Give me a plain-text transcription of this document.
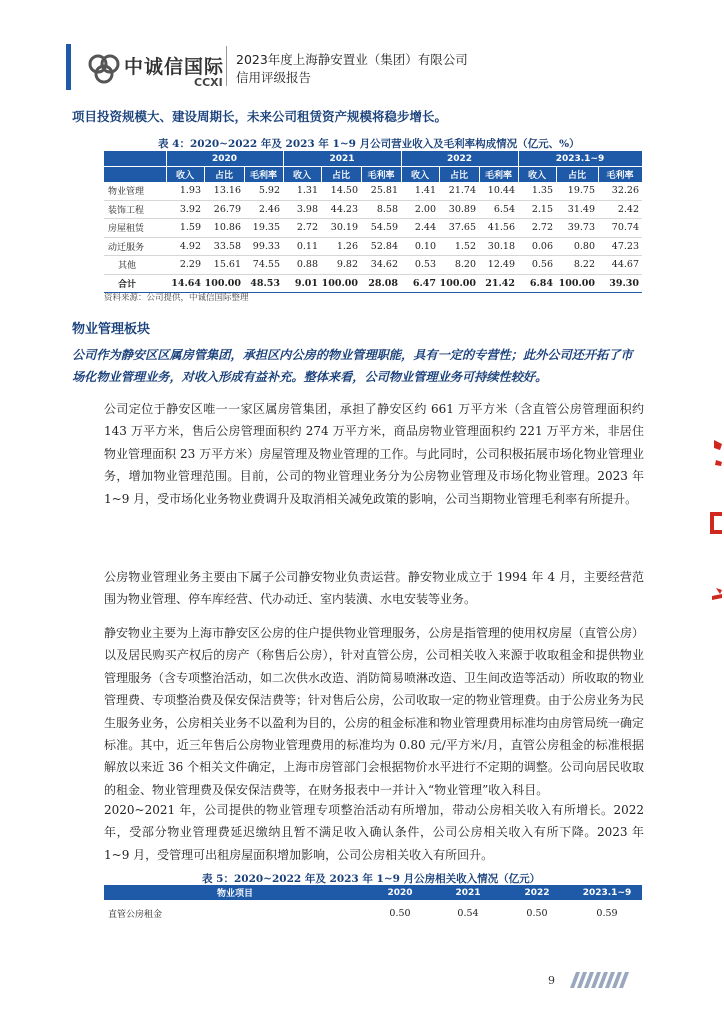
中诚信国际
CCXI
2023年度上海静安置业（集团）有限公司
信用评级报告
项目投资规模大、建设周期长，未来公司租赁资产规模将稳步增长。
表 4：2020~2022 年及 2023 年 1~9 月公司营业收入及毛利率构成情况（亿元、%）
	2020			2021			2022			2023.1~9		
	收入	占比	毛利率	收入	占比	毛利率	收入	占比	毛利率	收入	占比	毛利率
物业管理	1.93	13.16	5.92	1.31	14.50	25.81	1.41	21.74	10.44	1.35	19.75	32.26
装饰工程	3.92	26.79	2.46	3.98	44.23	8.58	2.00	30.89	6.54	2.15	31.49	2.42
房屋租赁	1.59	10.86	19.35	2.72	30.19	54.59	2.44	37.65	41.56	2.72	39.73	70.74
动迁服务	4.92	33.58	99.33	0.11	1.26	52.84	0.10	1.52	30.18	0.06	0.80	47.23
其他	2.29	15.61	74.55	0.88	9.82	34.62	0.53	8.20	12.49	0.56	8.22	44.67
合计	14.64	100.00	48.53	9.01	100.00	28.08	6.47	100.00	21.42	6.84	100.00	39.30
资料来源：公司提供，中诚信国际整理
物业管理板块
公司作为静安区区属房管集团，承担区内公房的物业管理职能，具有一定的专营性；此外公司还开拓了市场化物业管理业务，对收入形成有益补充。整体来看，公司物业管理业务可持续性较好。

公司定位于静安区唯一一家区属房管集团，承担了静安区约 661 万平方米（含直管公房管理面积约 143 万平方米，售后公房管理面积约 274 万平方米，商品房物业管理面积约 221 万平方米，非居住物业管理面积 23 万平方米）房屋管理及物业管理的工作。与此同时，公司积极拓展市场化物业管理业务，增加物业管理范围。目前，公司的物业管理业务分为公房物业管理及市场化物业管理。2023 年 1~9 月，受市场化业务物业费调升及取消相关减免政策的影响，公司当期物业管理毛利率有所提升。

公房物业管理业务主要由下属子公司静安物业负责运营。静安物业成立于 1994 年 4 月，主要经营范围为物业管理、停车库经营、代办动迁、室内装潢、水电安装等业务。

静安物业主要为上海市静安区公房的住户提供物业管理服务，公房是指管理的使用权房屋（直管公房）以及居民购买产权后的房产（称售后公房），针对直管公房，公司相关收入来源于收取租金和提供物业管理服务（含专项整治活动，如二次供水改造、消防简易喷淋改造、卫生间改造等活动）所收取的物业管理费、专项整治费及保安保洁费等；针对售后公房，公司收取一定的物业管理费。由于公房业务为民生服务业务，公房相关业务不以盈利为目的，公房的租金标准和物业管理费用标准均由房管局统一确定标准。其中，近三年售后公房物业管理费用的标准均为 0.80 元/平方米/月，直管公房租金的标准根据解放以来近 36 个相关文件确定，上海市房管部门会根据物价水平进行不定期的调整。公司向居民收取的租金、物业管理费及保安保洁费等，在财务报表中一并计入“物业管理”收入科目。

2020~2021 年，公司提供的物业管理专项整治活动有所增加，带动公房相关收入有所增长。2022 年，受部分物业管理费延迟缴纳且暂不满足收入确认条件，公司公房相关收入有所下降。2023 年 1~9 月，受管理可出租房屋面积增加影响，公司公房相关收入有所回升。

表 5：2020~2022 年及 2023 年 1~9 月公房相关收入情况（亿元）
物业项目	2020	2021	2022	2023.1~9
直管公房租金	0.50	0.54	0.50	0.59
9
